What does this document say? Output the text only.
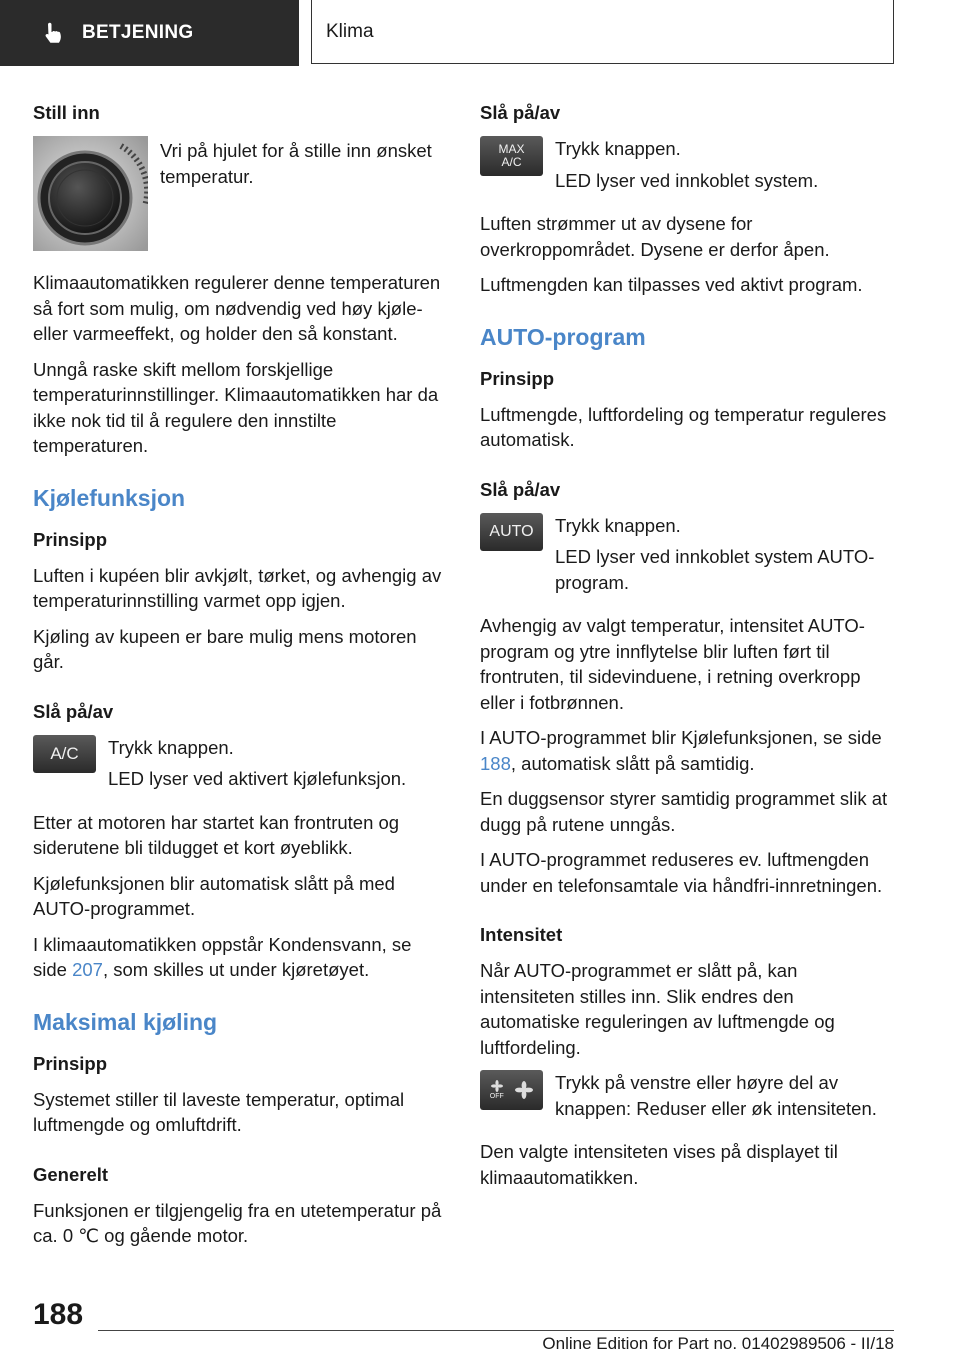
BETJENING	Klima
Still inn

Vri på hjulet for å stille inn ønsket temperatur.

Klimaautomatikken regulerer denne temperaturen så fort som mulig, om nødvendig ved høy kjøle- eller varmeeffekt, og holder den så konstant.

Unngå raske skift mellom forskjellige temperaturinnstillinger. Klimaautomatikken har da ikke nok tid til å regulere den innstilte temperaturen.

Kjølefunksjon
Prinsipp

Luften i kupéen blir avkjølt, tørket, og avhengig av temperaturinnstilling varmet opp igjen.

Kjøling av kupeen er bare mulig mens motoren går.

Slå på/av
A/C	Trykk knappen.

LED lyser ved aktivert kjølefunksjon.

Etter at motoren har startet kan frontruten og siderutene bli tildugget et kort øyeblikk.

Kjølefunksjonen blir automatisk slått på med AUTO-programmet.

I klimaautomatikken oppstår Kondensvann, se side 207, som skilles ut under kjøretøyet.

Maksimal kjøling
Prinsipp

Systemet stiller til laveste temperatur, optimal luftmengde og omluftdrift.

Generelt

Funksjonen er tilgjengelig fra en utetemperatur på ca. 0 ℃ og gående motor.

Slå på/av
MAX
A/C

Trykk knappen.

LED lyser ved innkoblet system.

Luften strømmer ut av dysene for overkroppområdet. Dysene er derfor åpen.

Luftmengden kan tilpasses ved aktivt program.

AUTO-program
Prinsipp

Luftmengde, luftfordeling og temperatur reguleres automatisk.

Slå på/av
AUTO	Trykk knappen.

LED lyser ved innkoblet system AUTO-program.

Avhengig av valgt temperatur, intensitet AUTO-program og ytre innflytelse blir luften ført til frontruten, til sidevinduene, i retning overkropp eller i fotbrønnen.

I AUTO-programmet blir Kjølefunksjonen, se side 188, automatisk slått på samtidig.

En duggsensor styrer samtidig programmet slik at dugg på rutene unngås.

I AUTO-programmet reduseres ev. luftmengden under en telefonsamtale via håndfri-innretningen.

Intensitet

Når AUTO-programmet er slått på, kan intensiteten stilles inn. Slik endres den automatiske reguleringen av luftmengde og luftfordeling.

OFF

Trykk på venstre eller høyre del av knappen: Reduser eller øk intensiteten.

Den valgte intensiteten vises på displayet til klimaautomatikken.

188
Online Edition for Part no. 01402989506 - II/18
